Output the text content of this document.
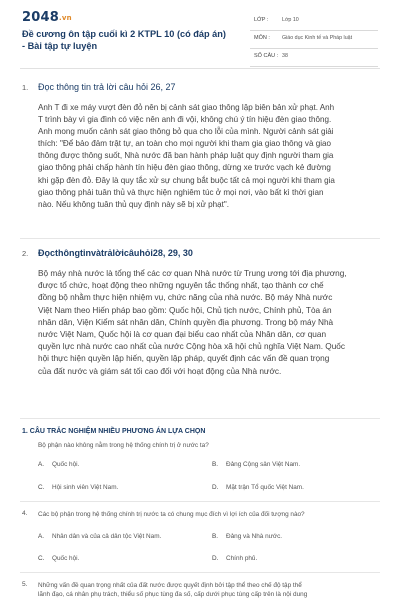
2048.vn
Đề cương ôn tập cuối kì 2 KTPL 10 (có đáp án) - Bài tập tự luyện
LỚP :	Lớp 10
MÔN : Giáo dục Kinh tế và Pháp luật
SỐ CÂU : 38
1. Đọc thông tin trả lời câu hỏi 26, 27
Anh T đi xe máy vượt đèn đỏ nên bị cảnh sát giao thông lập biên bản xử phạt. Anh
T trình bày vì gia đình có việc nên anh đi vội, không chú ý tín hiệu đèn giao thông.
Anh mong muốn cảnh sát giao thông bỏ qua cho lỗi của mình. Người cảnh sát giải
thích: "Để bảo đảm trật tự, an toàn cho mọi người khi tham gia giao thông và giao
thông được thông suốt, Nhà nước đã ban hành pháp luật quy định người tham gia
giao thông phải chấp hành tín hiệu đèn giao thông, dừng xe trước vạch kẻ đường
khi gặp đèn đỏ. Đây là quy tắc xử sự chung bắt buộc tất cả mọi người khi tham gia
giao thông phải tuân thủ và thực hiện nghiêm túc ở mọi nơi, vào bất kì thời gian
nào. Nếu không tuân thủ quy định này sẽ bị xử phạt".
2. Đọcthôngtinvàtrảlờicâuhỏi28, 29, 30
Bộ máy nhà nước là tổng thể các cơ quan Nhà nước từ Trung ương tới địa phương,
được tổ chức, hoạt động theo những nguyên tắc thống nhất, tạo thành cơ chế
đồng bộ nhằm thực hiện nhiệm vụ, chức năng của nhà nước. Bộ máy Nhà nước
Việt Nam theo Hiến pháp bao gồm: Quốc hội, Chủ tịch nước, Chính phủ, Tòa án
nhân dân, Viện Kiểm sát nhân dân, Chính quyền địa phương. Trong bộ máy Nhà
nước Việt Nam, Quốc hội là cơ quan đại biểu cao nhất của Nhân dân, cơ quan
quyền lực nhà nước cao nhất của nước Cộng hòa xã hội chủ nghĩa Việt Nam. Quốc
hội thực hiện quyền lập hiến, quyền lập pháp, quyết định các vấn đề quan trọng
của đất nước và giám sát tối cao đối với hoạt động của Nhà nước.
1. CÂU TRẮC NGHIỆM NHIỀU PHƯƠNG ÁN LỰA CHỌN
Bộ phận nào không nằm trong hệ thống chính trị ở nước ta?
A. Quốc hội.	B. Đảng Cộng sản Việt Nam.
C. Hội sinh viên Việt Nam.	D. Mặt trận Tổ quốc Việt Nam.
4. Các bộ phận trong hệ thống chính trị nước ta có chung mục đích vì lợi ích của đối tượng nào?
A. Nhân dân và của cả dân tộc Việt Nam.	B. Đảng và Nhà nước.
C. Quốc hội.	D. Chính phủ.
5. Những vấn đề quan trọng nhất của đất nước được quyết định bởi tập thể theo chế độ tập thể
lãnh đạo, cá nhân phụ trách, thiểu số phục tùng đa số, cấp dưới phục tùng cấp trên là nội dung
